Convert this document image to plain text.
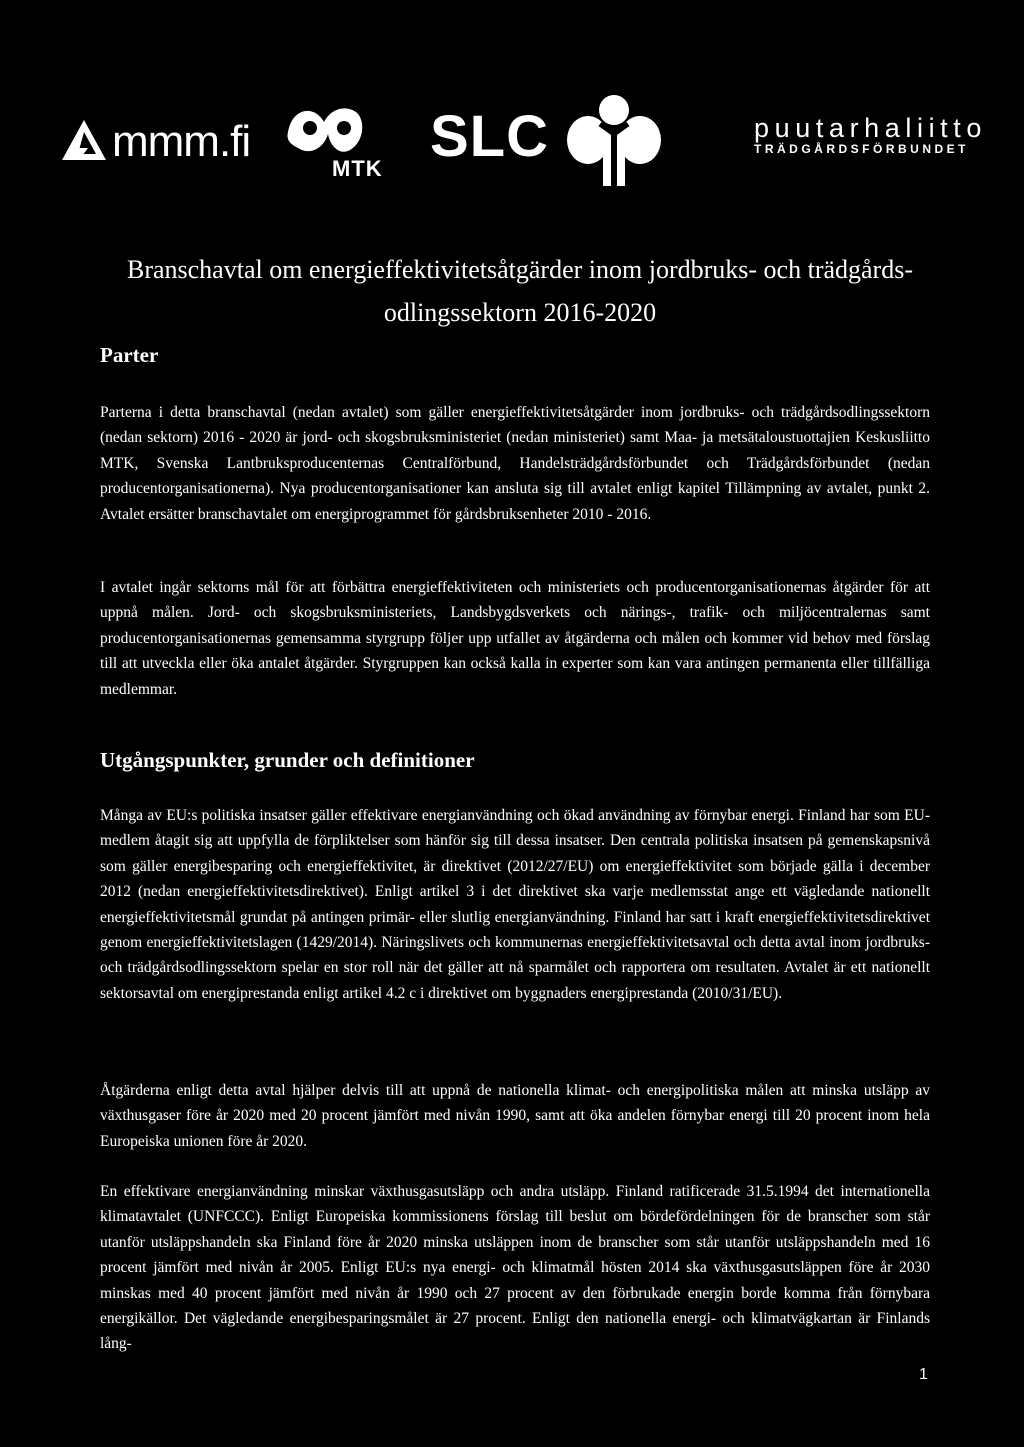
mmm.fi
MTK SLC	puutarhaliitto
TRÄDGÅRDSFÖRBUNDET
Branschavtal om energieffektivitetsåtgärder inom jordbruks- och trädgårds-
odlingssektorn 2016-2020
Parter

Parterna i detta branschavtal (nedan avtalet) som gäller energieffektivitetsåtgärder inom jordbruks- och trädgårdsodlingssektorn (nedan sektorn) 2016 - 2020 är jord- och skogsbruksministeriet (nedan ministeriet) samt Maa- ja metsätaloustuottajien Keskusliitto MTK, Svenska Lantbruksproducenternas Centralförbund, Handelsträdgårdsförbundet och Trädgårdsförbundet (nedan producentorganisationerna). Nya producentorganisationer kan ansluta sig till avtalet enligt kapitel Tillämpning av avtalet, punkt 2. Avtalet ersätter branschavtalet om energiprogrammet för gårdsbruksenheter 2010 - 2016.

I avtalet ingår sektorns mål för att förbättra energieffektiviteten och ministeriets och producentorganisationernas åtgärder för att uppnå målen. Jord- och skogsbruksministeriets, Landsbygdsverkets och närings-, trafik- och miljöcentralernas samt producentorganisationernas gemensamma styrgrupp följer upp utfallet av åtgärderna och målen och kommer vid behov med förslag till att utveckla eller öka antalet åtgärder. Styrgruppen kan också kalla in experter som kan vara antingen permanenta eller tillfälliga medlemmar.

Utgångspunkter, grunder och definitioner

Många av EU:s politiska insatser gäller effektivare energianvändning och ökad användning av förnybar energi. Finland har som EU-medlem åtagit sig att uppfylla de förpliktelser som hänför sig till dessa insatser. Den centrala politiska insatsen på gemenskapsnivå som gäller energibesparing och energieffektivitet, är direktivet (2012/27/EU) om energieffektivitet som började gälla i december 2012 (nedan energieffektivitetsdirektivet). Enligt artikel 3 i det direktivet ska varje medlemsstat ange ett vägledande nationellt energieffektivitetsmål grundat på antingen primär- eller slutlig energianvändning. Finland har satt i kraft energieffektivitetsdirektivet genom energieffektivitetslagen (1429/2014). Näringslivets och kommunernas energieffektivitetsavtal och detta avtal inom jordbruks- och trädgårdsodlingssektorn spelar en stor roll när det gäller att nå sparmålet och rapportera om resultaten. Avtalet är ett nationellt sektorsavtal om energiprestanda enligt artikel 4.2 c i direktivet om byggnaders energiprestanda (2010/31/EU).

Åtgärderna enligt detta avtal hjälper delvis till att uppnå de nationella klimat- och energipolitiska målen att minska utsläpp av växthusgaser före år 2020 med 20 procent jämfört med nivån 1990, samt att öka andelen förnybar energi till 20 procent inom hela Europeiska unionen före år 2020.

En effektivare energianvändning minskar växthusgasutsläpp och andra utsläpp. Finland ratificerade 31.5.1994 det internationella klimatavtalet (UNFCCC). Enligt Europeiska kommissionens förslag till beslut om bördefördelningen för de branscher som står utanför utsläppshandeln ska Finland före år 2020 minska utsläppen inom de branscher som står utanför utsläppshandeln med 16 procent jämfört med nivån år 2005. Enligt EU:s nya energi- och klimatmål hösten 2014 ska växthusgasutsläppen före år 2030 minskas med 40 procent jämfört med nivån år 1990 och 27 procent av den förbrukade energin borde komma från förnybara energikällor. Det vägledande energibesparingsmålet är 27 procent. Enligt den nationella energi- och klimatvägkartan är Finlands lång-

1
